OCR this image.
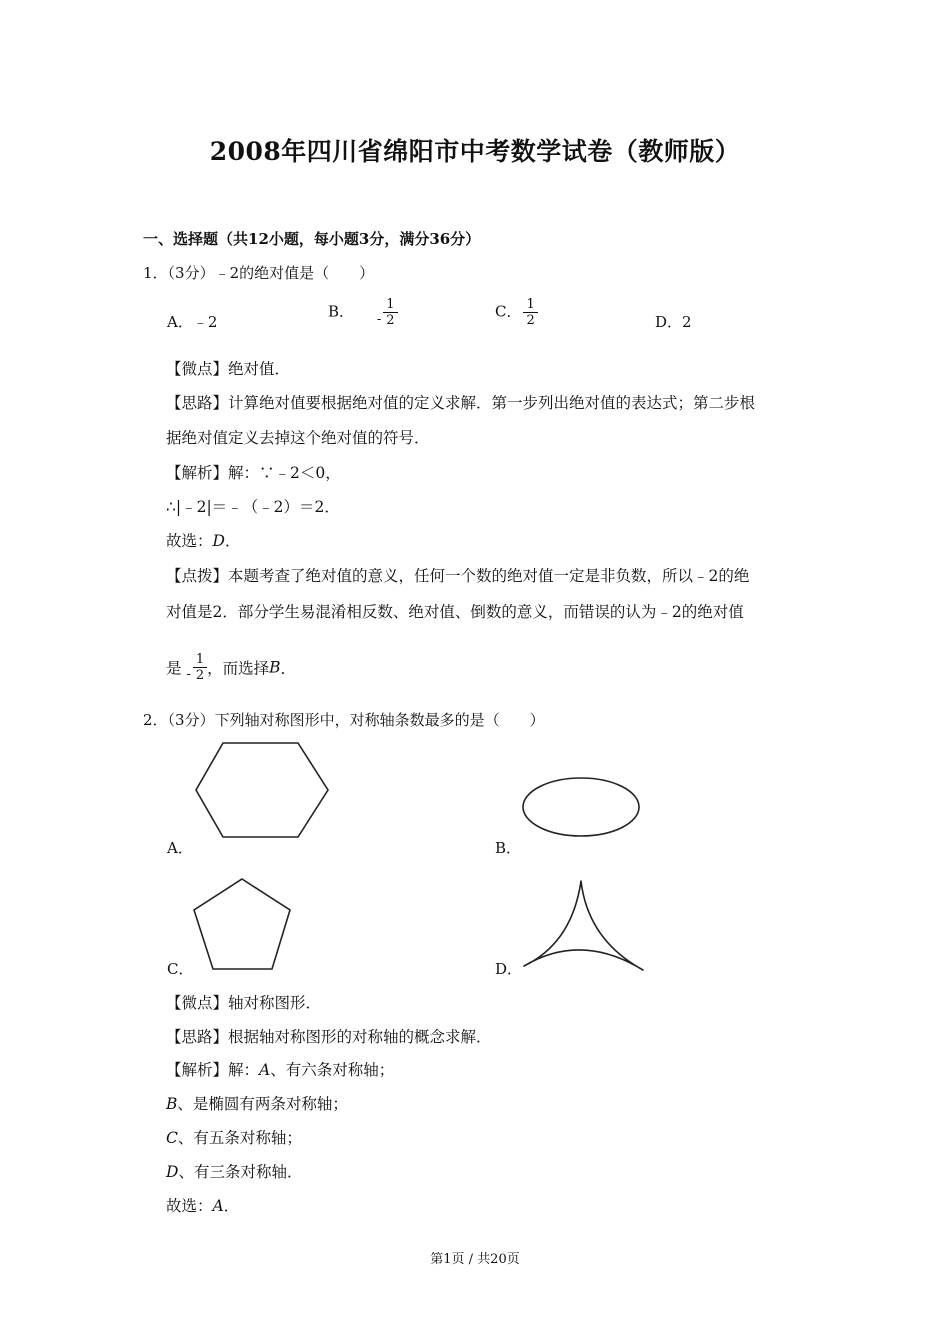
2008年四川省绵阳市中考数学试卷（教师版）
一、选择题（共12小题，每小题3分，满分36分）
1．（3分）﹣2的绝对值是（　　）
A．﹣2
B． - $\frac{1}{2}$	C． $\frac{1}{2}$	D．2
【微点】绝对值．
【思路】计算绝对值要根据绝对值的定义求解．第一步列出绝对值的表达式；第二步根
据绝对值定义去掉这个绝对值的符号．
【解析】解：∵﹣2＜0，
∴|﹣2|＝﹣（﹣2）＝2．
故选：D．
【点拨】本题考查了绝对值的意义，任何一个数的绝对值一定是非负数，所以﹣2的绝
对值是2．部分学生易混淆相反数、绝对值、倒数的意义，而错误的认为﹣2的绝对值
是 - $\frac{1}{2}$ ，而选择B．
2．（3分）下列轴对称图形中，对称轴条数最多的是（　　）
A．	B．
C．	D．
【微点】轴对称图形．
【思路】根据轴对称图形的对称轴的概念求解．
【解析】解：A、有六条对称轴；
B、是椭圆有两条对称轴；
C、有五条对称轴；
D、有三条对称轴．
故选：A．
第1页 / 共20页
